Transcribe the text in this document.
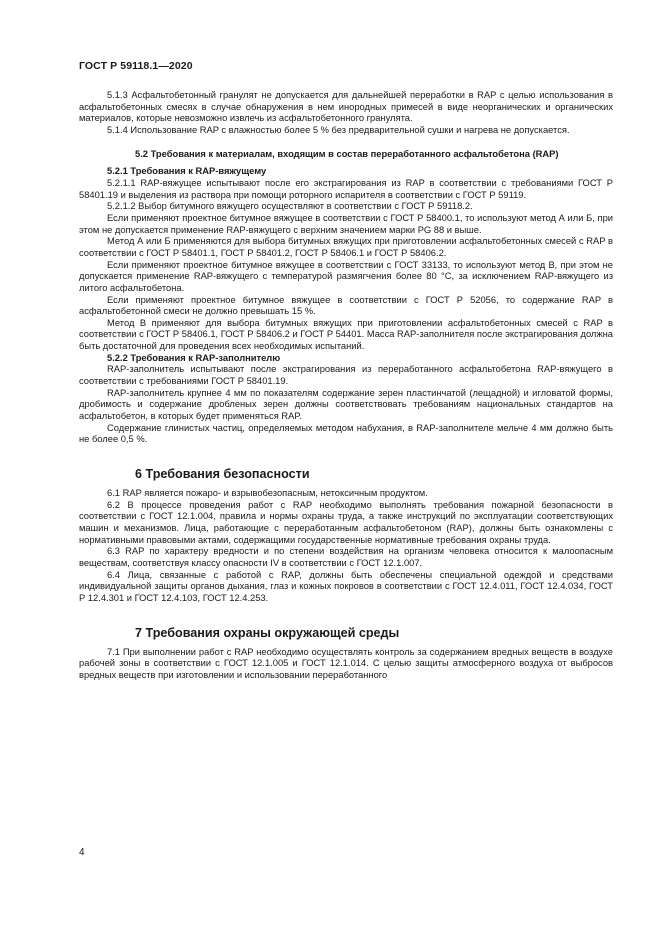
ГОСТ Р 59118.1—2020

5.1.3 Асфальтобетонный гранулят не допускается для дальнейшей переработки в RAP с целью использования в асфальтобетонных смесях в случае обнаружения в нем инородных примесей в виде неорганических и органических материалов, которые невозможно извлечь из асфальтобетонного гранулята.

5.1.4 Использование RAP с влажностью более 5 % без предварительной сушки и нагрева не допускается.

5.2 Требования к материалам, входящим в состав переработанного асфальтобетона (RAP)

5.2.1 Требования к RAP-вяжущему

5.2.1.1 RAP-вяжущее испытывают после его экстрагирования из RAP в соответствии с требованиями ГОСТ Р 58401.19 и выделения из раствора при помощи роторного испарителя в соответствии с ГОСТ Р 59119.

5.2.1.2 Выбор битумного вяжущего осуществляют в соответствии с ГОСТ Р 59118.2.

Если применяют проектное битумное вяжущее в соответствии с ГОСТ Р 58400.1, то используют метод А или Б, при этом не допускается применение RAP-вяжущего с верхним значением марки PG 88 и выше.

Метод А или Б применяются для выбора битумных вяжущих при приготовлении асфальтобетонных смесей с RAP в соответствии с ГОСТ Р 58401.1, ГОСТ Р 58401.2, ГОСТ Р 58406.1 и ГОСТ Р 58406.2.

Если применяют проектное битумное вяжущее в соответствии с ГОСТ 33133, то используют метод В, при этом не допускается применение RAP-вяжущего с температурой размягчения более 80 °С, за исключением RAP-вяжущего из литого асфальтобетона.

Если применяют проектное битумное вяжущее в соответствии с ГОСТ Р 52056, то содержание RAP в асфальтобетонной смеси не должно превышать 15 %.

Метод В применяют для выбора битумных вяжущих при приготовлении асфальтобетонных смесей с RAP в соответствии с ГОСТ Р 58406.1, ГОСТ Р 58406.2 и ГОСТ Р 54401. Масса RAP-заполнителя после экстрагирования должна быть достаточной для проведения всех необходимых испытаний.

5.2.2 Требования к RAP-заполнителю

RAP-заполнитель испытывают после экстрагирования из переработанного асфальтобетона RAP-вяжущего в соответствии с требованиями ГОСТ Р 58401.19.

RAP-заполнитель крупнее 4 мм по показателям содержание зерен пластинчатой (лещадной) и игловатой формы, дробимость и содержание дробленых зерен должны соответствовать требованиям национальных стандартов на асфальтобетон, в которых будет применяться RAP.

Содержание глинистых частиц, определяемых методом набухания, в RAP-заполнителе мельче 4 мм должно быть не более 0,5 %.

6 Требования безопасности

6.1 RAP является пожаро- и взрывобезопасным, нетоксичным продуктом.

6.2 В процессе проведения работ с RAP необходимо выполнять требования пожарной безопасности в соответствии с ГОСТ 12.1.004, правила и нормы охраны труда, а также инструкций по эксплуатации соответствующих машин и механизмов. Лица, работающие с переработанным асфальтобетоном (RAP), должны быть ознакомлены с нормативными правовыми актами, содержащими государственные нормативные требования охраны труда.

6.3 RAP по характеру вредности и по степени воздействия на организм человека относится к малоопасным веществам, соответствуя классу опасности IV в соответствии с ГОСТ 12.1.007.

6.4 Лица, связанные с работой с RAP, должны быть обеспечены специальной одеждой и средствами индивидуальной защиты органов дыхания, глаз и кожных покровов в соответствии с ГОСТ 12.4.011, ГОСТ 12.4.034, ГОСТ Р 12.4.301 и ГОСТ 12.4.103, ГОСТ 12.4.253.

7 Требования охраны окружающей среды

7.1 При выполнении работ с RAP необходимо осуществлять контроль за содержанием вредных веществ в воздухе рабочей зоны в соответствии с ГОСТ 12.1.005 и ГОСТ 12.1.014. С целью защиты атмосферного воздуха от выбросов вредных веществ при изготовлении и использовании переработанного

4
